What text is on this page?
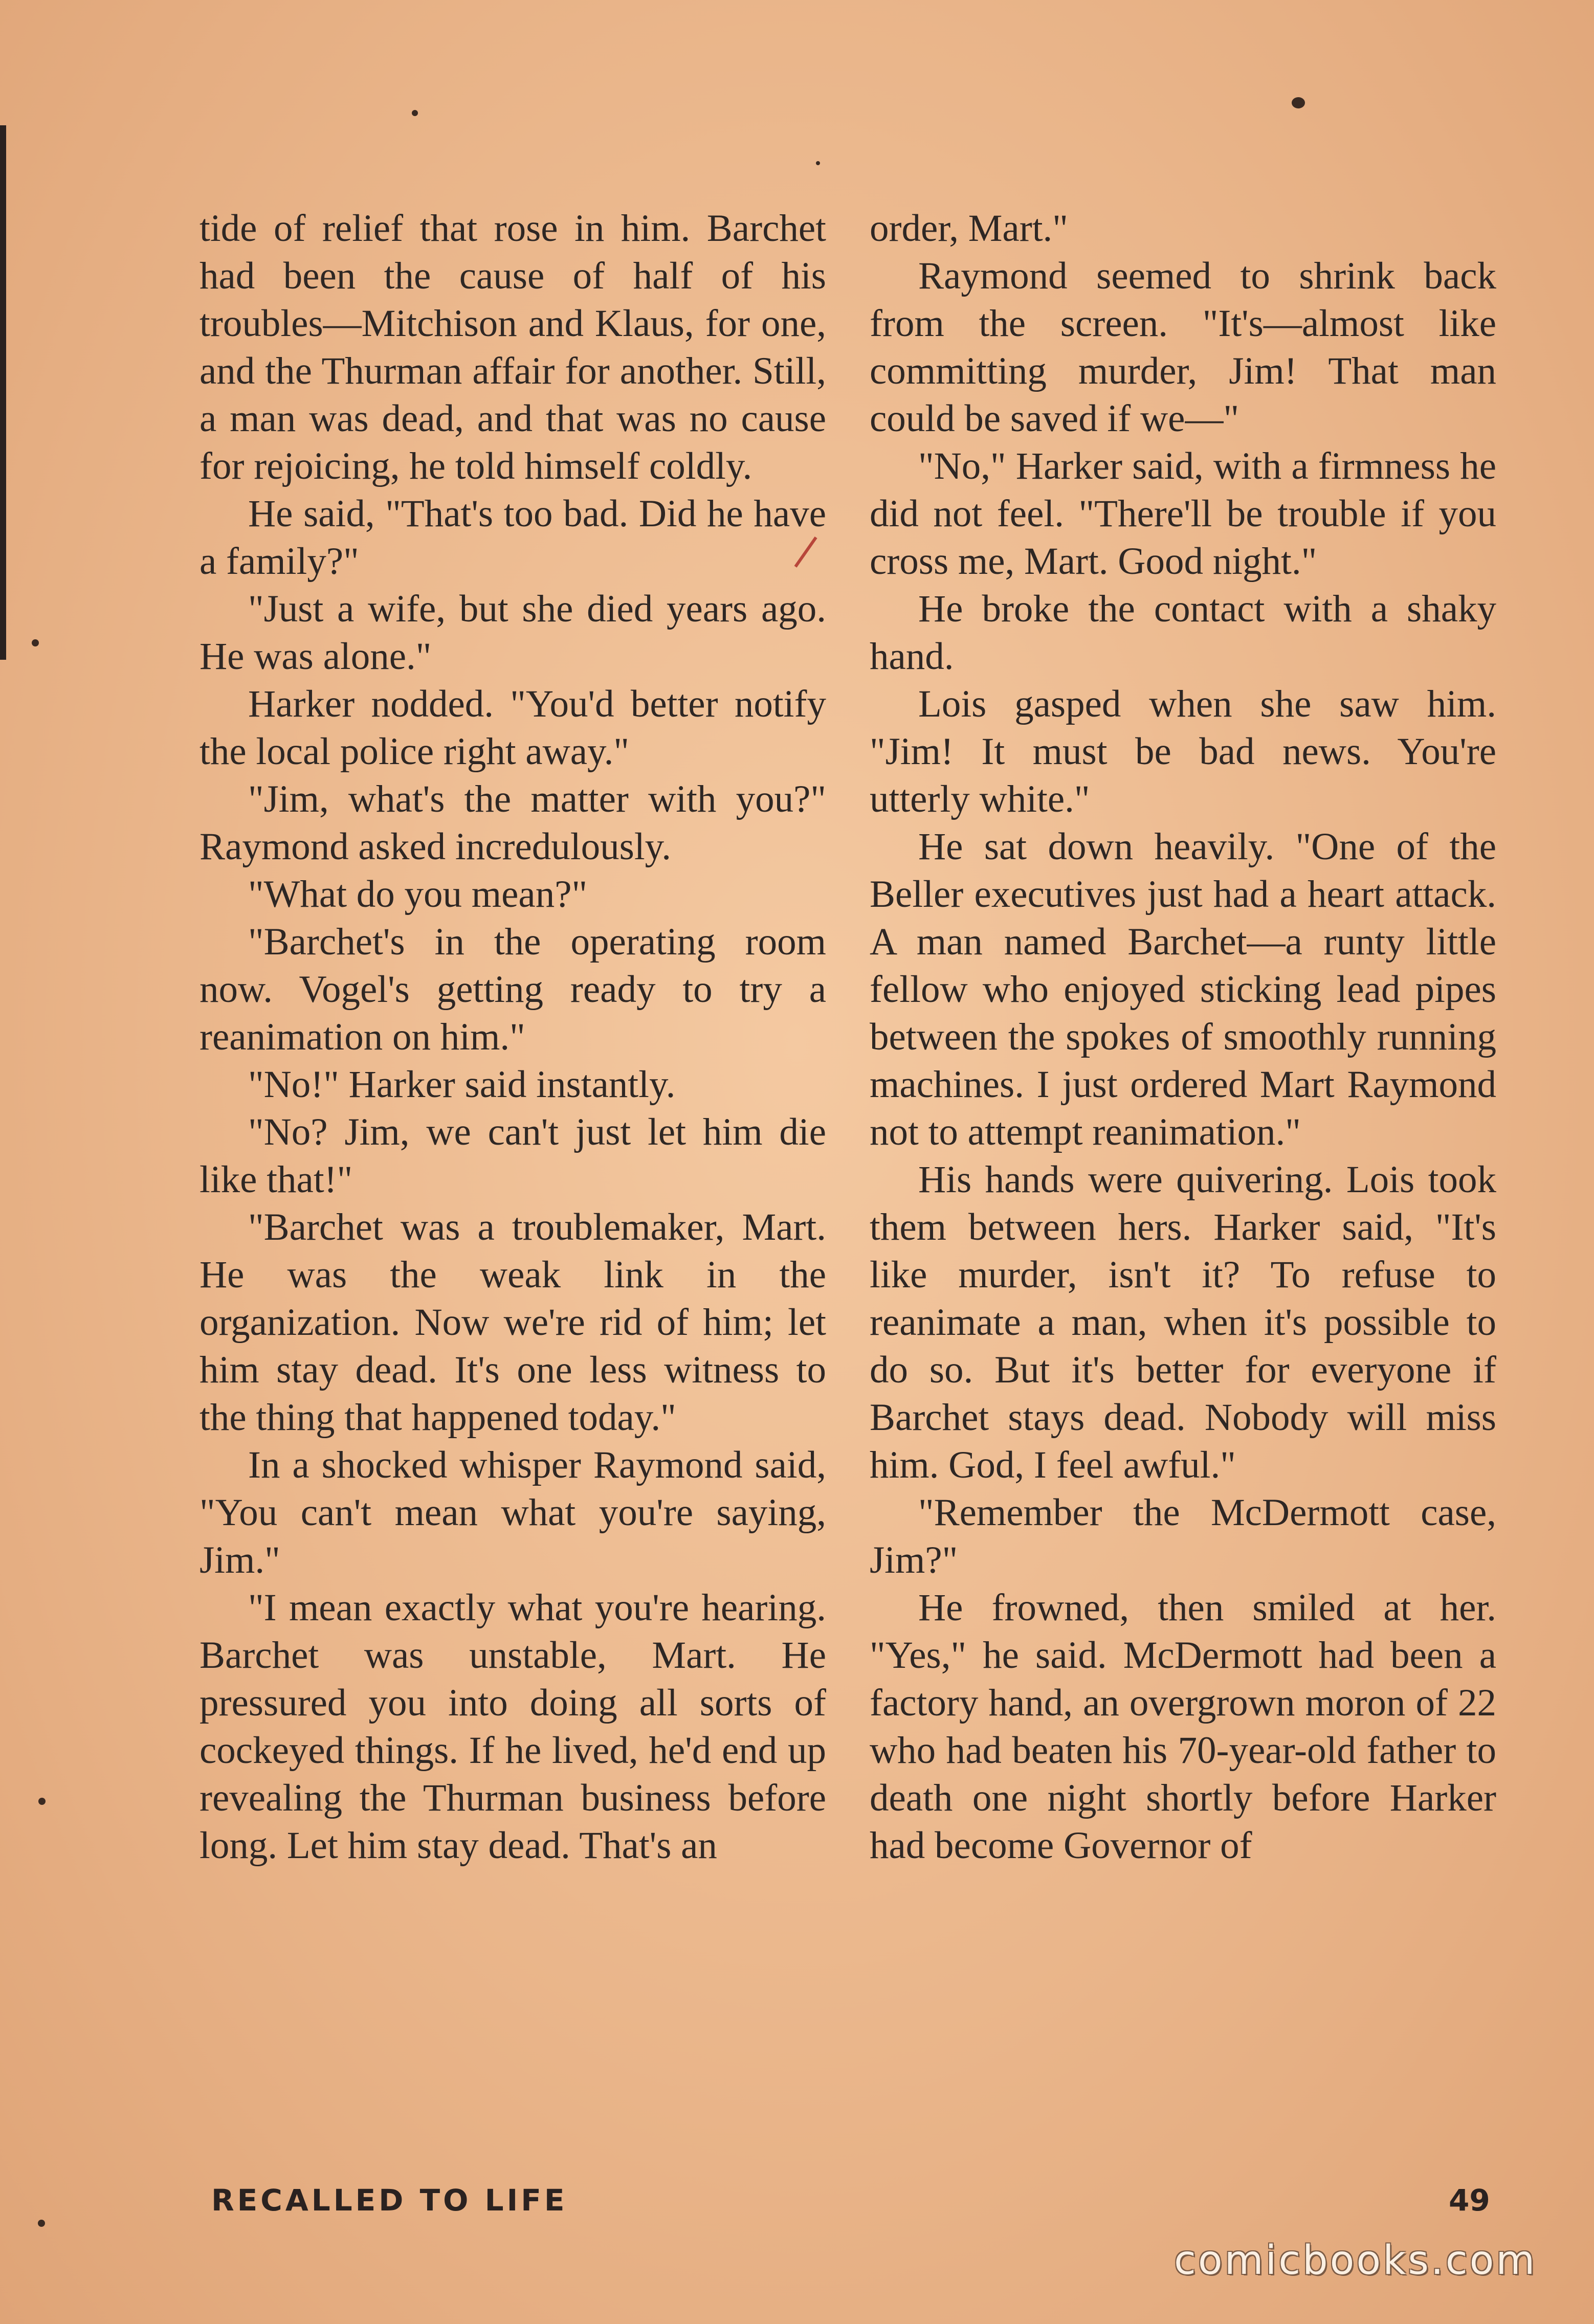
tide of relief that rose in him. Barchet had been the cause of half of his troubles—Mitchison and Klaus, for one, and the Thurman affair for another. Still, a man was dead, and that was no cause for rejoicing, he told himself coldly.

He said, "That's too bad. Did he have a family?"

"Just a wife, but she died years ago. He was alone."

Harker nodded. "You'd better notify the local police right away."

"Jim, what's the matter with you?" Raymond asked incredulously.

"What do you mean?"

"Barchet's in the operating room now. Vogel's getting ready to try a reanimation on him."

"No!" Harker said instantly.

"No? Jim, we can't just let him die like that!"

"Barchet was a troublemaker, Mart. He was the weak link in the organization. Now we're rid of him; let him stay dead. It's one less witness to the thing that happened today."

In a shocked whisper Raymond said, "You can't mean what you're saying, Jim."

"I mean exactly what you're hearing. Barchet was unstable, Mart. He pressured you into doing all sorts of cockeyed things. If he lived, he'd end up revealing the Thurman business before long. Let him stay dead. That's an

order, Mart."

Raymond seemed to shrink back from the screen. "It's—almost like committing murder, Jim! That man could be saved if we—"

"No," Harker said, with a firmness he did not feel. "There'll be trouble if you cross me, Mart. Good night."

He broke the contact with a shaky hand.

Lois gasped when she saw him. "Jim! It must be bad news. You're utterly white."

He sat down heavily. "One of the Beller executives just had a heart attack. A man named Barchet—a runty little fellow who enjoyed sticking lead pipes between the spokes of smoothly running machines. I just ordered Mart Raymond not to attempt reanimation."

His hands were quivering. Lois took them between hers. Harker said, "It's like murder, isn't it? To refuse to reanimate a man, when it's possible to do so. But it's better for everyone if Barchet stays dead. Nobody will miss him. God, I feel awful."

"Remember the McDermott case, Jim?"

He frowned, then smiled at her. "Yes," he said. McDermott had been a factory hand, an overgrown moron of 22 who had beaten his 70-year-old father to death one night shortly before Harker had become Governor of

RECALLED TO LIFE	49
comicbooks.com
